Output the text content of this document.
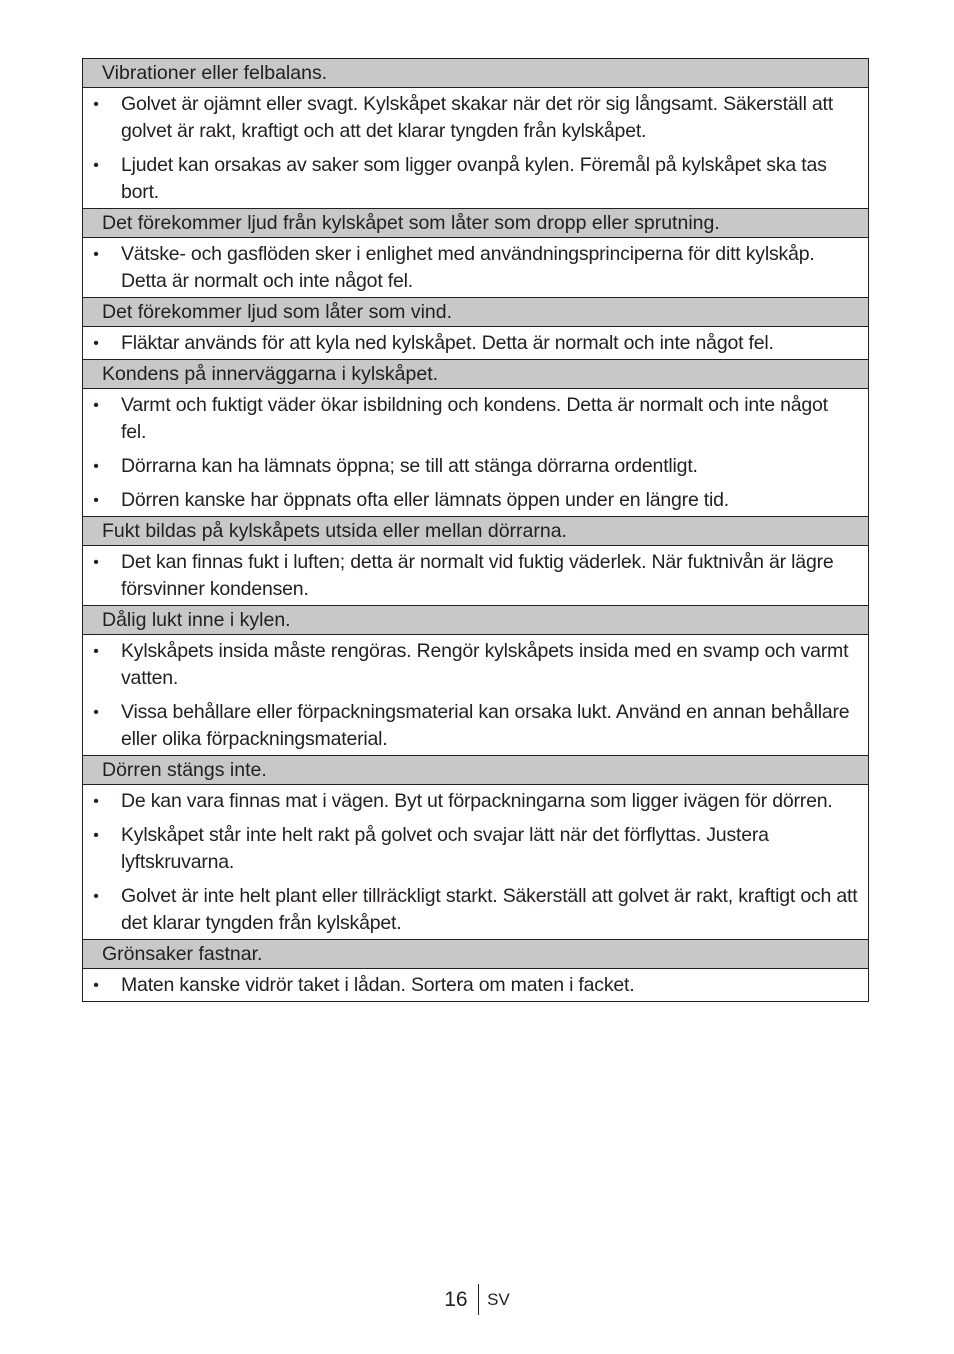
Vibrationer eller felbalans.
• Golvet är ojämnt eller svagt. Kylskåpet skakar när det rör sig långsamt. Säkerställ att golvet är rakt, kraftigt och att det klarar tyngden från kylskåpet.
• Ljudet kan orsakas av saker som ligger ovanpå kylen. Föremål på kylskåpet ska tas bort.
Det förekommer ljud från kylskåpet som låter som dropp eller sprutning.
• Vätske- och gasflöden sker i enlighet med användningsprinciperna för ditt kylskåp. Detta är normalt och inte något fel.
Det förekommer ljud som låter som vind.
• Fläktar används för att kyla ned kylskåpet. Detta är normalt och inte något fel.
Kondens på innerväggarna i kylskåpet.
• Varmt och fuktigt väder ökar isbildning och kondens. Detta är normalt och inte något fel.
• Dörrarna kan ha lämnats öppna; se till att stänga dörrarna ordentligt.
• Dörren kanske har öppnats ofta eller lämnats öppen under en längre tid.
Fukt bildas på kylskåpets utsida eller mellan dörrarna.
• Det kan finnas fukt i luften; detta är normalt vid fuktig väderlek. När fuktnivån är lägre försvinner kondensen.
Dålig lukt inne i kylen.
• Kylskåpets insida måste rengöras. Rengör kylskåpets insida med en svamp och varmt vatten.
• Vissa behållare eller förpackningsmaterial kan orsaka lukt. Använd en annan behållare eller olika förpackningsmaterial.
Dörren stängs inte.
• De kan vara finnas mat i vägen. Byt ut förpackningarna som ligger ivägen för dörren.
• Kylskåpet står inte helt rakt på golvet och svajar lätt när det förflyttas. Justera lyftskruvarna.
• Golvet är inte helt plant eller tillräckligt starkt. Säkerställ att golvet är rakt, kraftigt och att det klarar tyngden från kylskåpet.
Grönsaker fastnar.
• Maten kanske vidrör taket i lådan. Sortera om maten i facket.
16 SV
